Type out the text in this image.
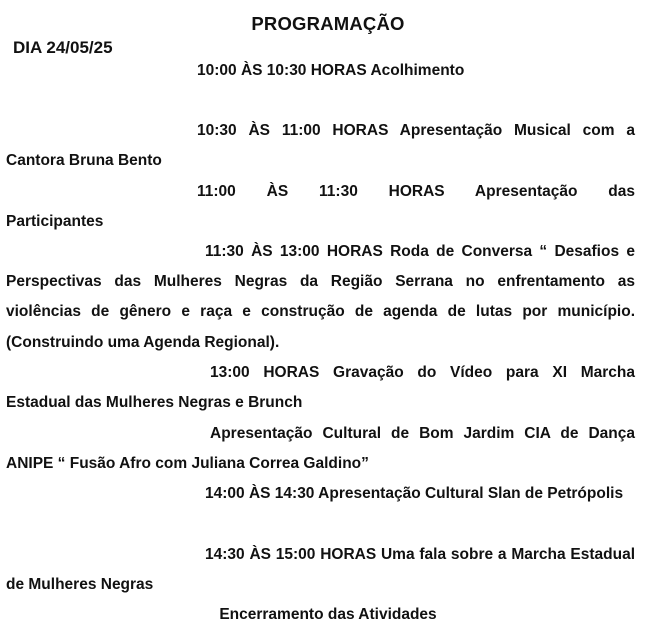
PROGRAMAÇÃO

DIA 24/05/25

10:00 ÀS 10:30 HORAS Acolhimento

10:30 ÀS 11:00 HORAS Apresentação Musical com a Cantora Bruna Bento

11:00 ÀS 11:30 HORAS Apresentação das Participantes

11:30 ÀS 13:00 HORAS Roda de Conversa “ Desafios e Perspectivas das Mulheres Negras da Região Serrana no enfrentamento as violências de gênero e raça e construção de agenda de lutas por município. (Construindo uma Agenda Regional).

13:00 HORAS Gravação do Vídeo para XI Marcha Estadual das Mulheres Negras e Brunch

Apresentação Cultural de Bom Jardim CIA de Dança ANIPE “ Fusão Afro com Juliana Correa Galdino”

14:00 ÀS 14:30 Apresentação Cultural Slan de Petrópolis

14:30 ÀS 15:00 HORAS Uma fala sobre a Marcha Estadual de Mulheres Negras

Encerramento das Atividades
